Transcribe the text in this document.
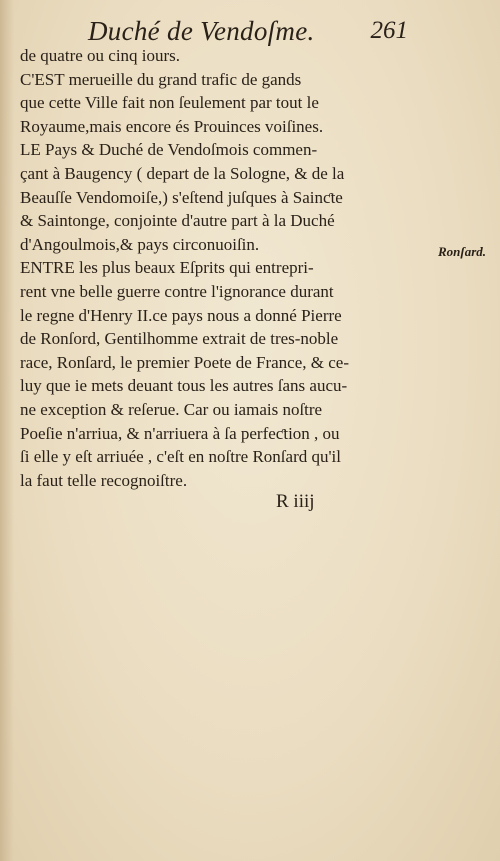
Duché de Vendoſme. 261
de quatre ou cinq iours.
C'EST merueille du grand trafic de gands
que cette Ville fait non ſeulement par tout le
Royaume,mais encore és Prouinces voiſines.
LE Pays & Duché de Vendoſmois commen-
çant à Baugency ( depart de la Sologne, & de la
Beauſſe Vendomoiſe,) s'eſtend juſques à Sainƈte
& Saintonge, conjointe d'autre part à la Duché
d'Angoulmois,& pays circonuoiſin.
ENTRE les plus beaux Eſprits qui entrepri-
rent vne belle guerre contre l'ignorance durant
le regne d'Henry II.ce pays nous a donné Pierre
de Ronſord, Gentilhomme extrait de tres-noble
race, Ronſard, le premier Poete de France, & ce-
luy que ie mets deuant tous les autres ſans aucu-
ne exception & reſerue. Car ou iamais noſtre
Poeſie n'arriua, & n'arriuera à ſa perfeƈtion , ou
ſi elle y eſt arriuée , c'eſt en noſtre Ronſard qu'il
la faut telle recognoiſtre.
Ronſard.
R iiij
